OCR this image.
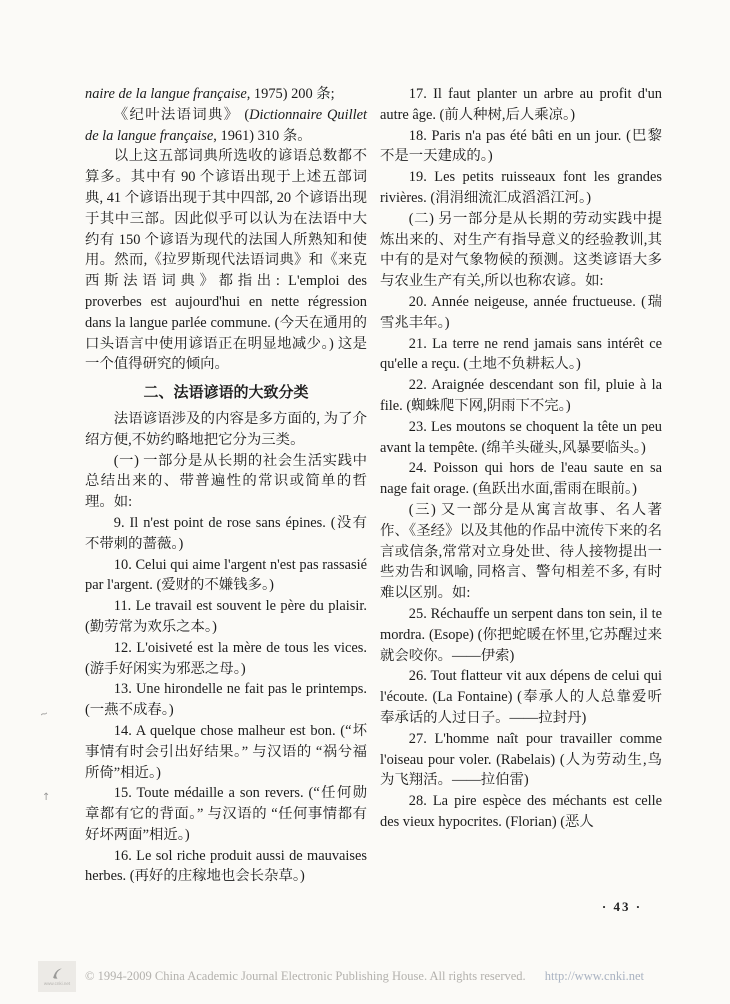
naire de la langue française, 1975) 200 条;

《纪叶法语词典》 (Dictionnaire Quillet de la langue française, 1961) 310 条。

以上这五部词典所选收的谚语总数都不算多。其中有 90 个谚语出现于上述五部词典, 41 个谚语出现于其中四部, 20 个谚语出现于其中三部。因此似乎可以认为在法语中大约有 150 个谚语为现代的法国人所熟知和使用。然而,《拉罗斯现代法语词典》和《来克西斯法语词典》都指出: L'emploi des proverbes est aujourd'hui en nette régression dans la langue parlée commune. (今天在通用的口头语言中使用谚语正在明显地减少。) 这是一个值得研究的倾向。

二、法语谚语的大致分类

法语谚语涉及的内容是多方面的, 为了介绍方便,不妨约略地把它分为三类。

(一) 一部分是从长期的社会生活实践中总结出来的、带普遍性的常识或简单的哲理。如:

9. Il n'est point de rose sans épines. (没有不带刺的蔷薇。)

10. Celui qui aime l'argent n'est pas rassasié par l'argent. (爱财的不嫌钱多。)

11. Le travail est souvent le père du plaisir. (勤劳常为欢乐之本。)

12. L'oisiveté est la mère de tous les vices. (游手好闲实为邪恶之母。)

13. Une hirondelle ne fait pas le printemps. (一燕不成春。)

14. A quelque chose malheur est bon. (“坏事情有时会引出好结果。” 与汉语的 “祸兮福所倚”相近。)

15. Toute médaille a son revers. (“任何勋章都有它的背面。” 与汉语的 “任何事情都有好坏两面”相近。)

16. Le sol riche produit aussi de mauvaises herbes. (再好的庄稼地也会长杂草。)

17. Il faut planter un arbre au profit d'un autre âge. (前人种树,后人乘凉。)

18. Paris n'a pas été bâti en un jour. (巴黎不是一天建成的。)

19. Les petits ruisseaux font les grandes rivières. (涓涓细流汇成滔滔江河。)

(二) 另一部分是从长期的劳动实践中提炼出来的、对生产有指导意义的经验教训,其中有的是对气象物候的预测。这类谚语大多与农业生产有关,所以也称农谚。如:

20. Année neigeuse, année fructueuse. (瑞雪兆丰年。)

21. La terre ne rend jamais sans intérêt ce qu'elle a reçu. (土地不负耕耘人。)

22. Araignée descendant son fil, pluie à la file. (蜘蛛爬下网,阴雨下不完。)

23. Les moutons se choquent la tête un peu avant la tempête. (绵羊头碰头,风暴要临头。)

24. Poisson qui hors de l'eau saute en sa nage fait orage. (鱼跃出水面,雷雨在眼前。)

(三) 又一部分是从寓言故事、名人著作、《圣经》以及其他的作品中流传下来的名言或信条,常常对立身处世、待人接物提出一些劝告和讽喻, 同格言、警句相差不多, 有时难以区别。如:

25. Réchauffe un serpent dans ton sein, il te mordra. (Esope) (你把蛇暖在怀里,它苏醒过来就会咬你。——伊索)

26. Tout flatteur vit aux dépens de celui qui l'écoute. (La Fontaine) (奉承人的人总靠爱听奉承话的人过日子。——拉封丹)

27. L'homme naît pour travailler comme l'oiseau pour voler. (Rabelais) (人为劳动生,鸟为飞翔活。——拉伯雷)

28. La pire espèce des méchants est celle des vieux hypocrites. (Florian) (恶人

· 43 ·
~
↑
www.cnki.net
© 1994-2009 China Academic Journal Electronic Publishing House. All rights reserved. http://www.cnki.net
